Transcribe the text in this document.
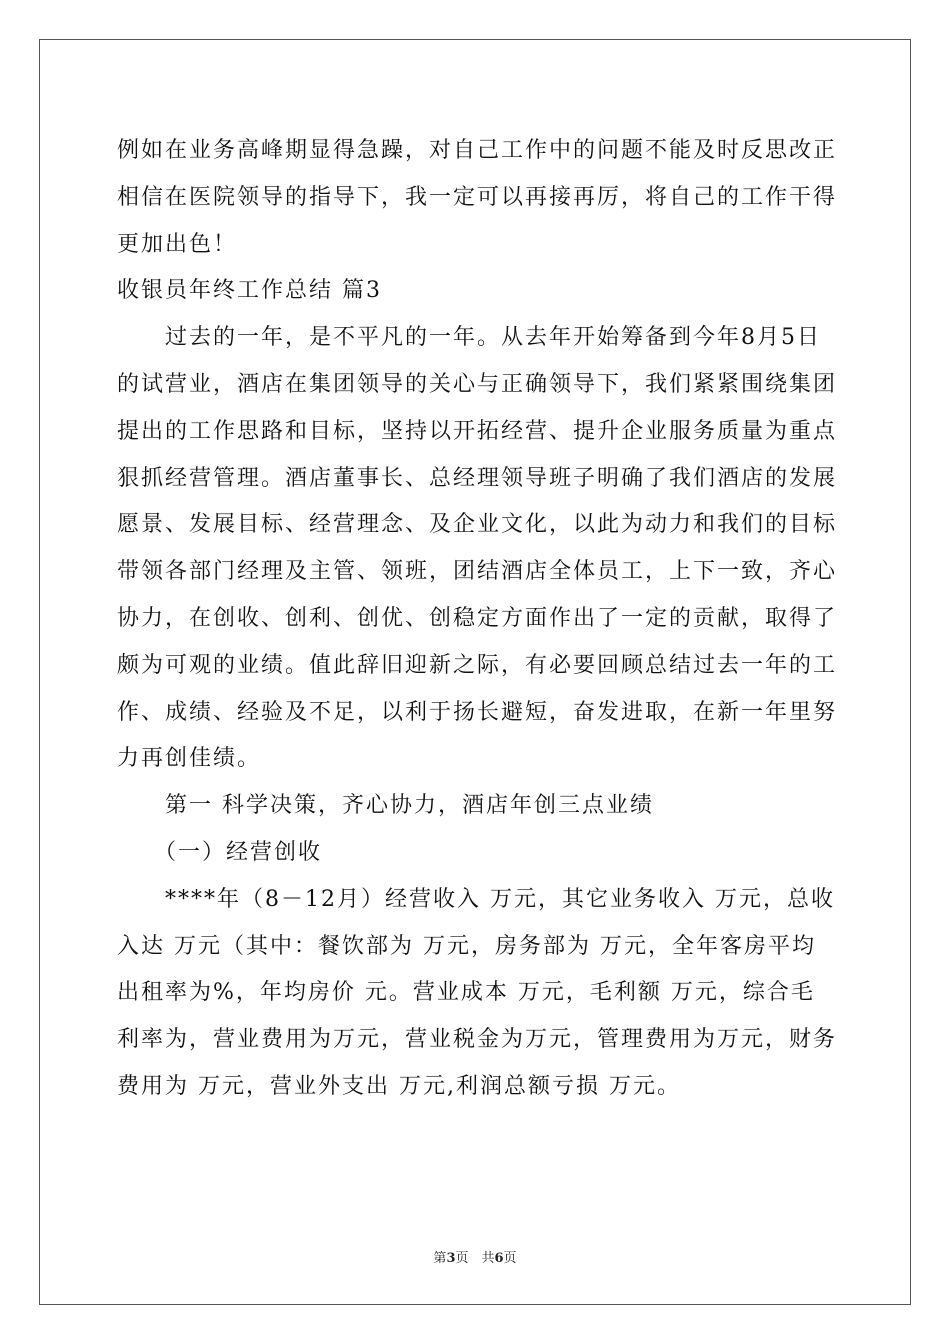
例如在业务高峰期显得急躁，对自己工作中的问题不能及时反思改正
相信在医院领导的指导下，我一定可以再接再厉，将自己的工作干得
更加出色！
收银员年终工作总结 篇3
　　过去的一年，是不平凡的一年。从去年开始筹备到今年8月5日
的试营业，酒店在集团领导的关心与正确领导下，我们紧紧围绕集团
提出的工作思路和目标，坚持以开拓经营、提升企业服务质量为重点
狠抓经营管理。酒店董事长、总经理领导班子明确了我们酒店的发展
愿景、发展目标、经营理念、及企业文化，以此为动力和我们的目标
带领各部门经理及主管、领班，团结酒店全体员工，上下一致，齐心
协力，在创收、创利、创优、创稳定方面作出了一定的贡献，取得了
颇为可观的业绩。值此辞旧迎新之际，有必要回顾总结过去一年的工
作、成绩、经验及不足，以利于扬长避短，奋发进取，在新一年里努
力再创佳绩。
　　第一 科学决策，齐心协力，酒店年创三点业绩
　　（一）经营创收
　　****年（8－12月）经营收入 万元，其它业务收入 万元，总收
入达 万元（其中：餐饮部为 万元，房务部为 万元，全年客房平均
出租率为%，年均房价 元。营业成本 万元，毛利额 万元，综合毛
利率为，营业费用为万元，营业税金为万元，管理费用为万元，财务
费用为 万元，营业外支出 万元,利润总额亏损 万元。
第3页　共6页
